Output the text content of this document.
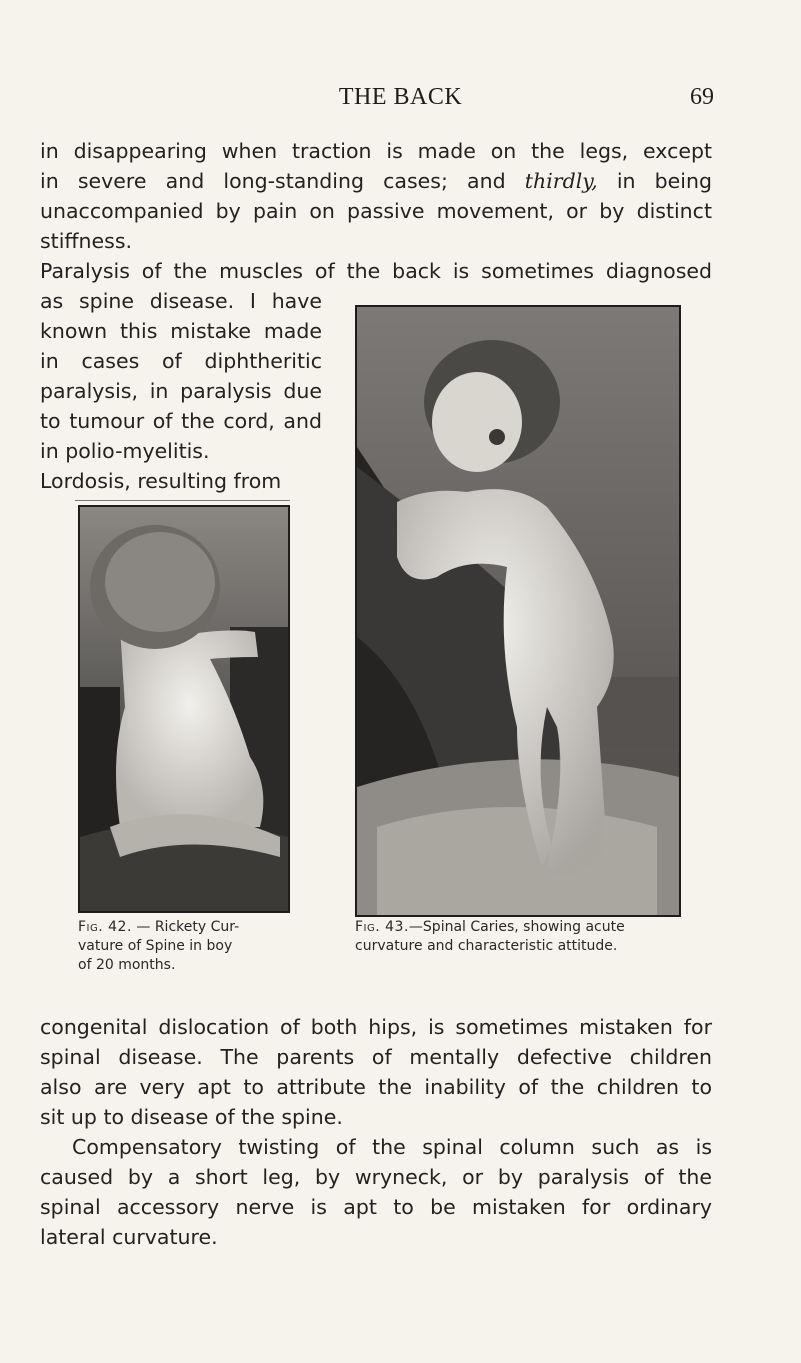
THE BACK	69
in disappearing when traction is made on the legs, except
in severe and long-standing cases; and thirdly, in being
unaccompanied by pain on passive movement, or by distinct
stiffness.
Paralysis of the muscles of the back is sometimes diagnosed
as spine disease. I have
known this mistake made
in cases of diphtheritic
paralysis, in paralysis due
to tumour of the cord, and
in polio-myelitis.
Lordosis, resulting from
Fig. 42. — Rickety Cur-
vature of Spine in boy
of 20 months.
Fig. 43.—Spinal Caries, showing acute
curvature and characteristic attitude.
congenital dislocation of both hips, is sometimes mistaken for
spinal disease. The parents of mentally defective children
also are very apt to attribute the inability of the children to
sit up to disease of the spine.
Compensatory twisting of the spinal column such as is
caused by a short leg, by wryneck, or by paralysis of the
spinal accessory nerve is apt to be mistaken for ordinary
lateral curvature.
